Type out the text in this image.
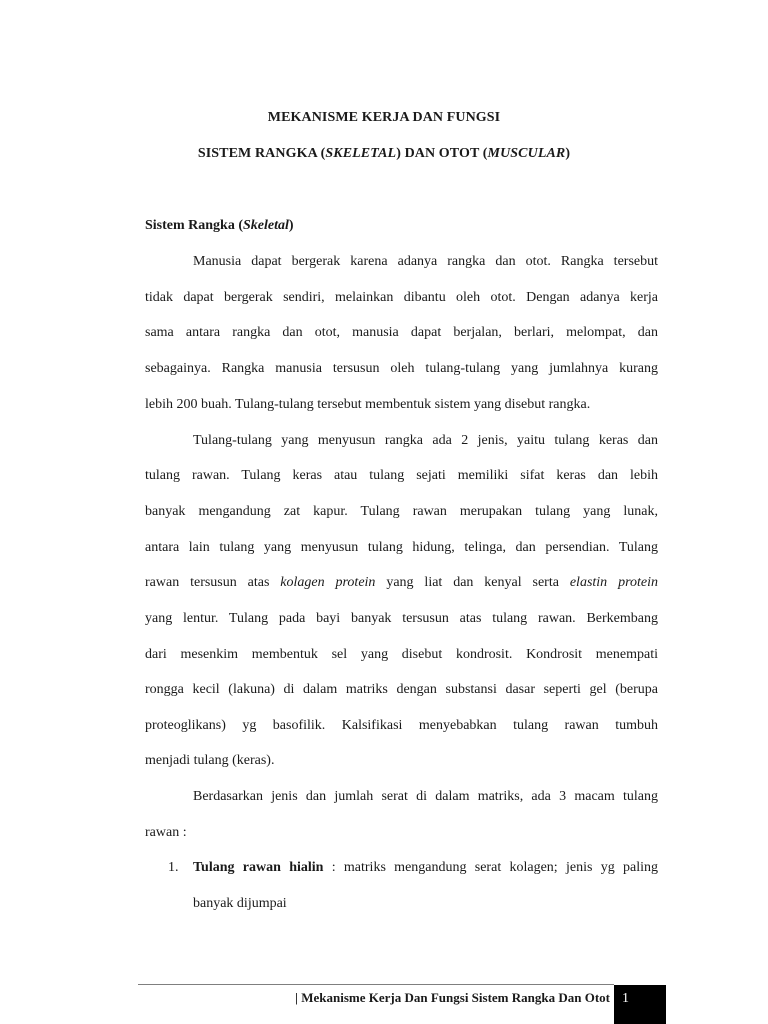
MEKANISME KERJA DAN FUNGSI
SISTEM RANGKA (SKELETAL) DAN OTOT (MUSCULAR)
Sistem Rangka (Skeletal)
Manusia dapat bergerak karena adanya rangka dan otot. Rangka tersebut
tidak dapat bergerak sendiri, melainkan dibantu oleh otot. Dengan adanya kerja
sama antara rangka dan otot, manusia dapat berjalan, berlari, melompat, dan
sebagainya. Rangka manusia tersusun oleh tulang-tulang yang jumlahnya kurang
lebih 200 buah. Tulang-tulang tersebut membentuk sistem yang disebut rangka.
Tulang-tulang yang menyusun rangka ada 2 jenis, yaitu tulang keras dan
tulang rawan. Tulang keras atau tulang sejati memiliki sifat keras dan lebih
banyak mengandung zat kapur. Tulang rawan merupakan tulang yang lunak,
antara lain tulang yang menyusun tulang hidung, telinga, dan persendian. Tulang
rawan tersusun atas kolagen protein yang liat dan kenyal serta elastin protein
yang lentur. Tulang pada bayi banyak tersusun atas tulang rawan. Berkembang
dari mesenkim membentuk sel yang disebut kondrosit. Kondrosit menempati
rongga kecil (lakuna) di dalam matriks dengan substansi dasar seperti gel (berupa
proteoglikans) yg basofilik. Kalsifikasi menyebabkan tulang rawan tumbuh
menjadi tulang (keras).
Berdasarkan jenis dan jumlah serat di dalam matriks, ada 3 macam tulang
rawan :
1. Tulang rawan hialin : matriks mengandung serat kolagen; jenis yg paling
banyak dijumpai
| Mekanisme Kerja Dan Fungsi Sistem Rangka Dan Otot 1
